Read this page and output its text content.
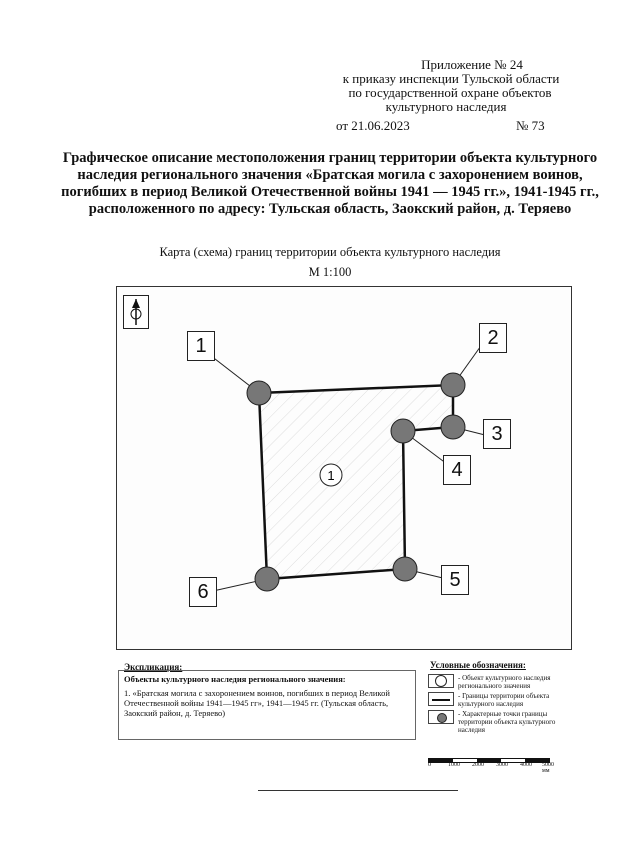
Приложение № 24
к приказу инспекции Тульской области
по государственной охране объектов
культурного наследия
от 21.06.2023	№ 73
Графическое описание местоположения границ территории объекта культурного наследия регионального значения «Братская могила с захоронением воинов, погибших в период Великой Отечественной войны 1941 — 1945 гг.», 1941-1945 гг., расположенного по адресу: Тульская область, Заокский район, д. Теряево
Карта (схема) границ территории объекта культурного наследия
М 1:100
1
1	2
3
4
5
6
Экспликация:
Объекты культурного наследия регионального значения:
1. «Братская могила с захоронением воинов, погибших в период Великой Отечественной войны 1941—1945 гг», 1941—1945 гг. (Тульская область, Заокский район, д. Теряево)
Условные обозначения:
- Объект культурного наследия регионального значения
- Границы территории объекта культурного наследия
- Характерные точки границы территории объекта культурного наследия
0	1000 2000 3000 4000 5000 мм
